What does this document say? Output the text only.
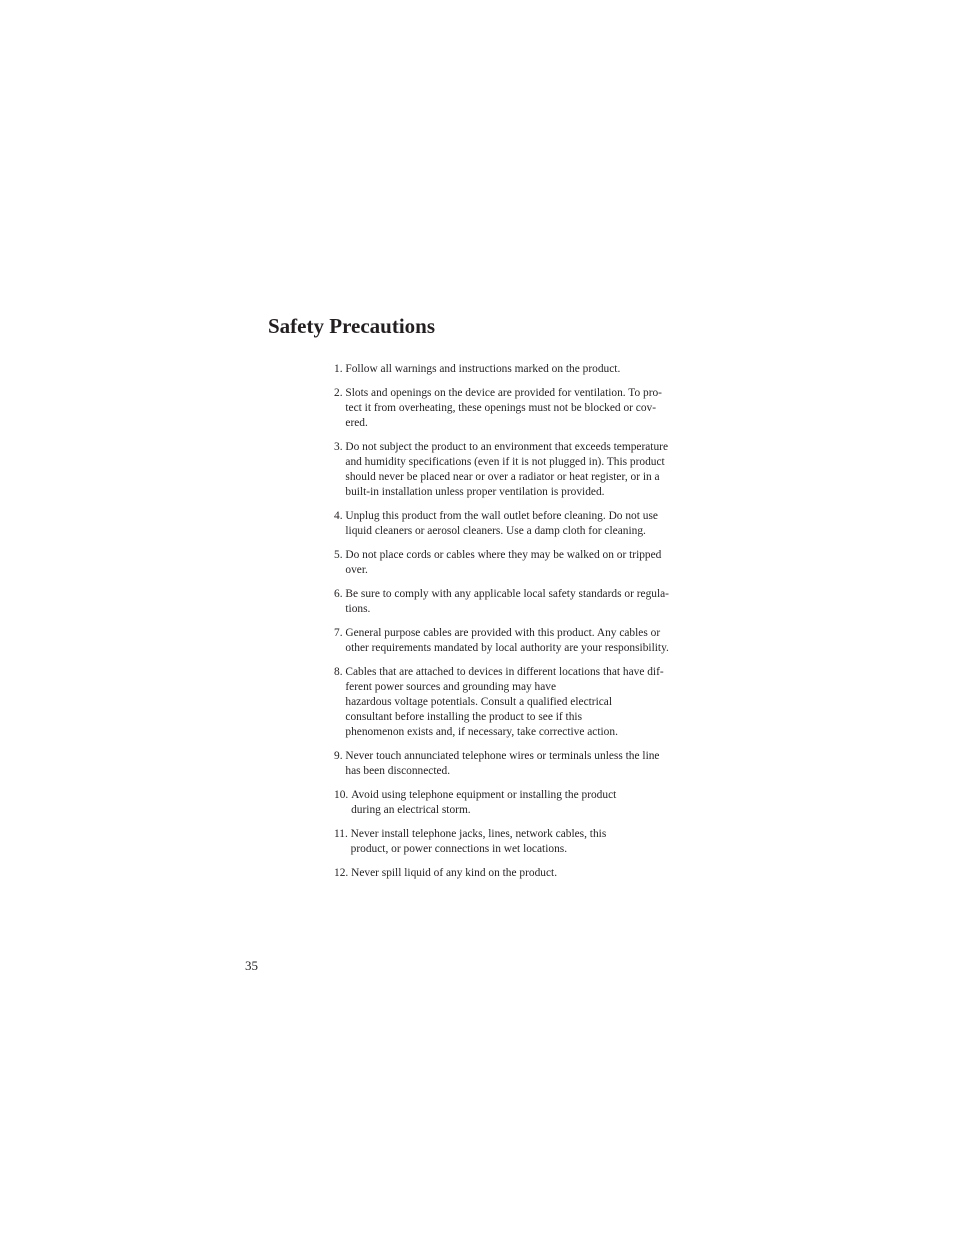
Safety Precautions
1. Follow all warnings and instructions marked on the product.
2. Slots and openings on the device are provided for ventilation. To pro-
tect it from overheating, these openings must not be blocked or cov-
ered.
3. Do not subject the product to an environment that exceeds temperature
and humidity specifications (even if it is not plugged in). This product
should never be placed near or over a radiator or heat register, or in a
built-in installation unless proper ventilation is provided.
4. Unplug this product from the wall outlet before cleaning. Do not use
liquid cleaners or aerosol cleaners. Use a damp cloth for cleaning.
5. Do not place cords or cables where they may be walked on or tripped
over.
6. Be sure to comply with any applicable local safety standards or regula-
tions.
7. General purpose cables are provided with this product. Any cables or
other requirements mandated by local authority are your responsibility.
8. Cables that are attached to devices in different locations that have dif-
ferent power sources and grounding may have
hazardous voltage potentials. Consult a qualified electrical
consultant before installing the product to see if this
phenomenon exists and, if necessary, take corrective action.
9. Never touch annunciated telephone wires or terminals unless the line
has been disconnected.
10. Avoid using telephone equipment or installing the product
during an electrical storm.
11. Never install telephone jacks, lines, network cables, this
product, or power connections in wet locations.
12. Never spill liquid of any kind on the product.
35
